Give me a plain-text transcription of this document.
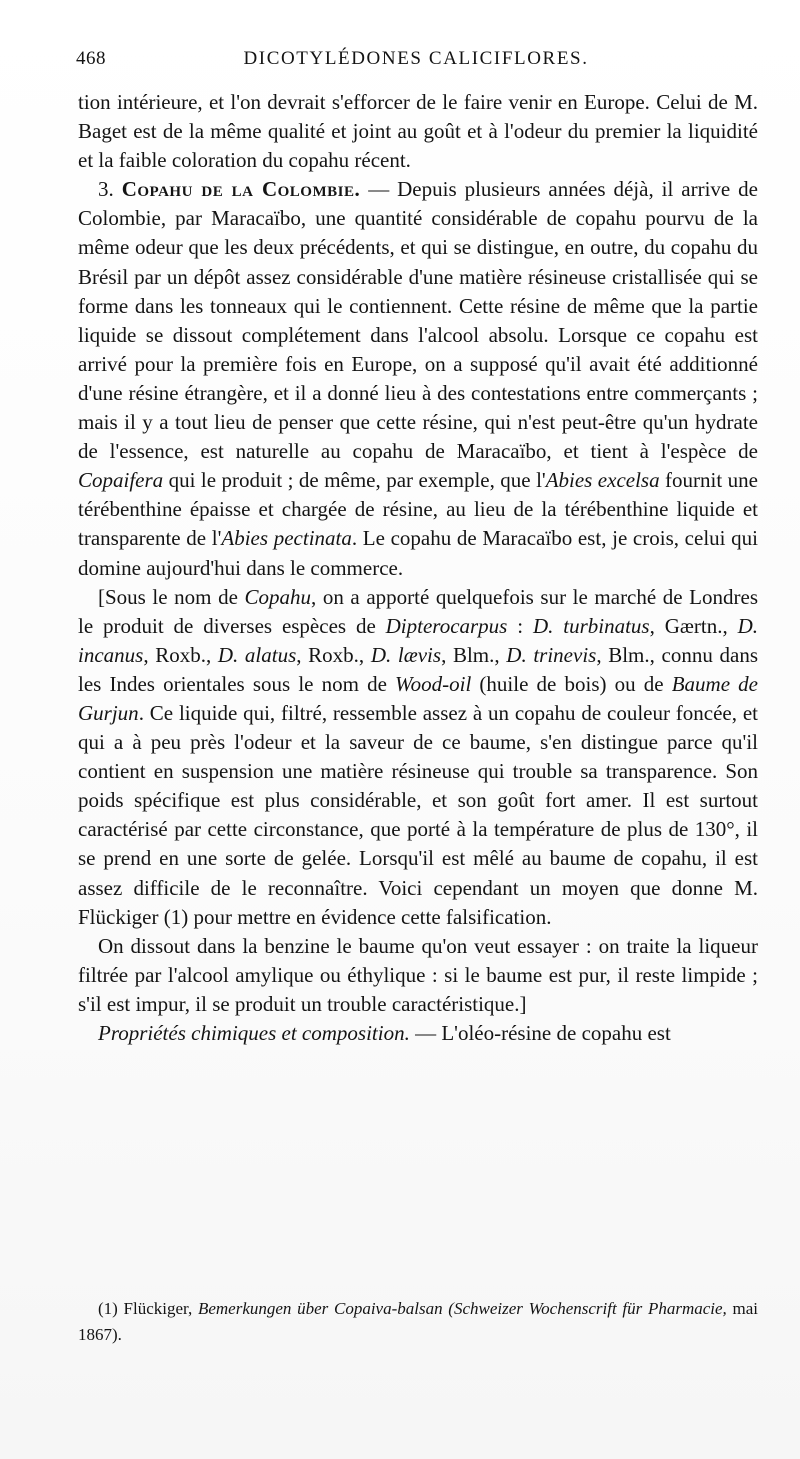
468	DICOTYLÉDONES CALICIFLORES.

tion intérieure, et l'on devrait s'efforcer de le faire venir en Europe. Celui de M. Baget est de la même qualité et joint au goût et à l'odeur du premier la liquidité et la faible coloration du copahu récent.

3. Copahu de la Colombie. — Depuis plusieurs années déjà, il arrive de Colombie, par Maracaïbo, une quantité considérable de copahu pourvu de la même odeur que les deux précédents, et qui se distingue, en outre, du copahu du Brésil par un dépôt assez considérable d'une matière résineuse cristallisée qui se forme dans les tonneaux qui le contiennent. Cette résine de même que la partie liquide se dissout complétement dans l'alcool absolu. Lorsque ce copahu est arrivé pour la première fois en Europe, on a supposé qu'il avait été additionné d'une résine étrangère, et il a donné lieu à des contestations entre commerçants ; mais il y a tout lieu de penser que cette résine, qui n'est peut-être qu'un hydrate de l'essence, est naturelle au copahu de Maracaïbo, et tient à l'espèce de Copaifera qui le produit ; de même, par exemple, que l'Abies excelsa fournit une térébenthine épaisse et chargée de résine, au lieu de la térébenthine liquide et transparente de l'Abies pectinata. Le copahu de Maracaïbo est, je crois, celui qui domine aujourd'hui dans le commerce.

[Sous le nom de Copahu, on a apporté quelquefois sur le marché de Londres le produit de diverses espèces de Dipterocarpus : D. turbinatus, Gærtn., D. incanus, Roxb., D. alatus, Roxb., D. lævis, Blm., D. trinevis, Blm., connu dans les Indes orientales sous le nom de Wood-oil (huile de bois) ou de Baume de Gurjun. Ce liquide qui, filtré, ressemble assez à un copahu de couleur foncée, et qui a à peu près l'odeur et la saveur de ce baume, s'en distingue parce qu'il contient en suspension une matière résineuse qui trouble sa transparence. Son poids spécifique est plus considérable, et son goût fort amer. Il est surtout caractérisé par cette circonstance, que porté à la température de plus de 130°, il se prend en une sorte de gelée. Lorsqu'il est mêlé au baume de copahu, il est assez difficile de le reconnaître. Voici cependant un moyen que donne M. Flückiger (1) pour mettre en évidence cette falsification.

On dissout dans la benzine le baume qu'on veut essayer : on traite la liqueur filtrée par l'alcool amylique ou éthylique : si le baume est pur, il reste limpide ; s'il est impur, il se produit un trouble caractéristique.]

Propriétés chimiques et composition. — L'oléo-résine de copahu est

(1) Flückiger, Bemerkungen über Copaiva-balsan (Schweizer Wochenscrift für Pharmacie, mai 1867).
